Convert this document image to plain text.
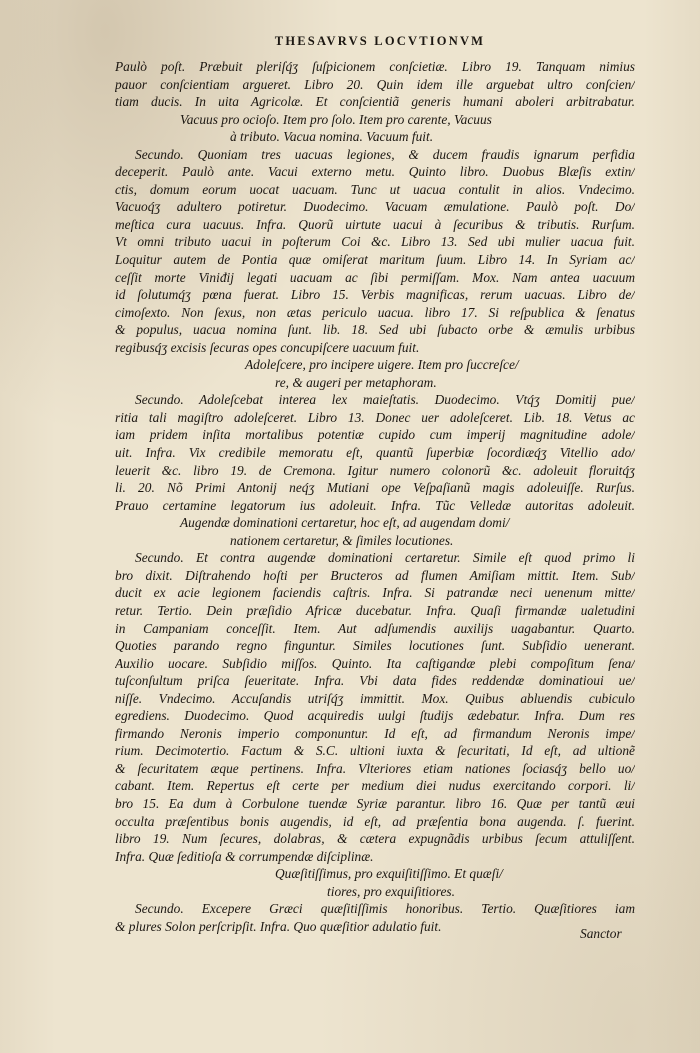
THESAVRVS LOCVTIONVM
Paulò poſt. Præbuit pleriſq́ʒ ſuſpicionem conſcietiæ. Libro 19. Tanquam nimius
pauor conſcientiam argueret. Libro 20. Quin idem ille arguebat ultro conſcien/
tiam ducis. In uita Agricolæ. Et conſcientiã generis humani aboleri arbitrabatur.
Vacuus pro ocioſo. Item pro ſolo. Item pro carente, Vacuus
à tributo. Vacua nomina. Vacuum fuit.
Secundo. Quoniam tres uacuas legiones, & ducem fraudis ignarum perfidia
deceperit. Paulò ante. Vacui externo metu. Quinto libro. Duobus Blæſis extin/
ctis, domum eorum uocat uacuam. Tunc ut uacua contulit in alios. Vndecimo.
Vacuoq́ʒ adultero potiretur. Duodecimo. Vacuam æmulatione. Paulò poſt. Do/
meſtica cura uacuus. Infra. Quorũ uirtute uacui à ſecuribus & tributis. Rurſum.
Vt omni tributo uacui in poſterum Coi &c. Libro 13. Sed ubi mulier uacua fuit.
Loquitur autem de Pontia quæ omiſerat maritum ſuum. Libro 14. In Syriam ac/
ceſſit morte Viniđij legati uacuam ac ſibi permiſſam. Mox. Nam antea uacuum
id ſolutumq́ʒ pœna fuerat. Libro 15. Verbis magnificas, rerum uacuas. Libro de/
cimoſexto. Non ſexus, non ætas periculo uacua. libro 17. Si reſpublica & ſenatus
& populus, uacua nomina ſunt. lib. 18. Sed ubi ſubacto orbe & æmulis urbibus
regibusq́ʒ excisis ſecuras opes concupiſcere uacuum fuit.
Adoleſcere, pro incipere uigere. Item pro ſuccreſce/
re, & augeri per metaphoram.
Secundo. Adoleſcebat interea lex maieſtatis. Duodecimo. Vtq́ʒ Domitij pue/
ritia tali magiſtro adoleſceret. Libro 13. Donec uer adoleſceret. Lib. 18. Vetus ac
iam pridem inſita mortalibus potentiæ cupido cum imperij magnitudine adole/
uit. Infra. Vix credibile memoratu eſt, quantũ ſuperbiæ ſocordiæq́ʒ Vitellio ado/
leuerit &c. libro 19. de Cremona. Igitur numero colonorũ &c. adoleuit floruitq́ʒ
li. 20. Nõ Primi Antonij neq́ʒ Mutiani ope Veſpaſianũ magis adoleuiſſe. Rurſus.
Prauo certamine legatorum ius adoleuit. Infra. Tũc Velledæ autoritas adoleuit.
Augendæ dominationi certaretur, hoc eſt, ad augendam domi/
nationem certaretur, & ſimiles locutiones.
Secundo. Et contra augendæ dominationi certaretur. Simile eſt quod primo li
bro dixit. Diſtrahendo hoſti per Bructeros ad flumen Amiſiam mittit. Item. Sub/
ducit ex acie legionem faciendis caſtris. Infra. Si patrandæ neci uenenum mitte/
retur. Tertio. Dein præſidio Africæ ducebatur. Infra. Quaſi firmandæ ualetudini
in Campaniam conceſſit. Item. Aut adſumendis auxilijs uagabantur. Quarto.
Quoties parando regno finguntur. Similes locutiones ſunt. Subſidio uenerant.
Auxilio uocare. Subſidio miſſos. Quinto. Ita caſtigandæ plebi compoſitum ſena/
tuſconſultum priſca ſeueritate. Infra. Vbi data fides reddendæ dominatioui ue/
niſſe. Vndecimo. Accuſandis utriſq́ʒ immittit. Mox. Quibus abluendis cubiculo
egrediens. Duodecimo. Quod acquiredis uulgi ſtudijs ædebatur. Infra. Dum res
firmando Neronis imperio componuntur. Id eſt, ad firmandum Neronis impe/
rium. Decimotertio. Factum & S.C. ultioni iuxta & ſecuritati, Id eſt, ad ultionẽ
& ſecuritatem æque pertinens. Infra. Vlteriores etiam nationes ſociasq́ʒ bello uo/
cabant. Item. Repertus eſt certe per medium diei nudus exercitando corpori. li/
bro 15. Ea dum à Corbulone tuendæ Syriæ parantur. libro 16. Quæ per tantũ æui
occulta præſentibus bonis augendis, id eſt, ad præſentia bona augenda. ſ. fuerint.
libro 19. Num ſecures, dolabras, & cætera expugnãdis urbibus ſecum attuliſſent.
Infra. Quæ ſeditioſa & corrumpendæ diſciplinæ.
Quæſitiſſimus, pro exquiſitiſſimo. Et quæſi/
tiores, pro exquiſitiores.
Secundo. Excepere Græci quæſitiſſimis honoribus. Tertio. Quæſitiores iam
& plures Solon perſcripſit. Infra. Quo quæſitior adulatio fuit.	Sanctor
